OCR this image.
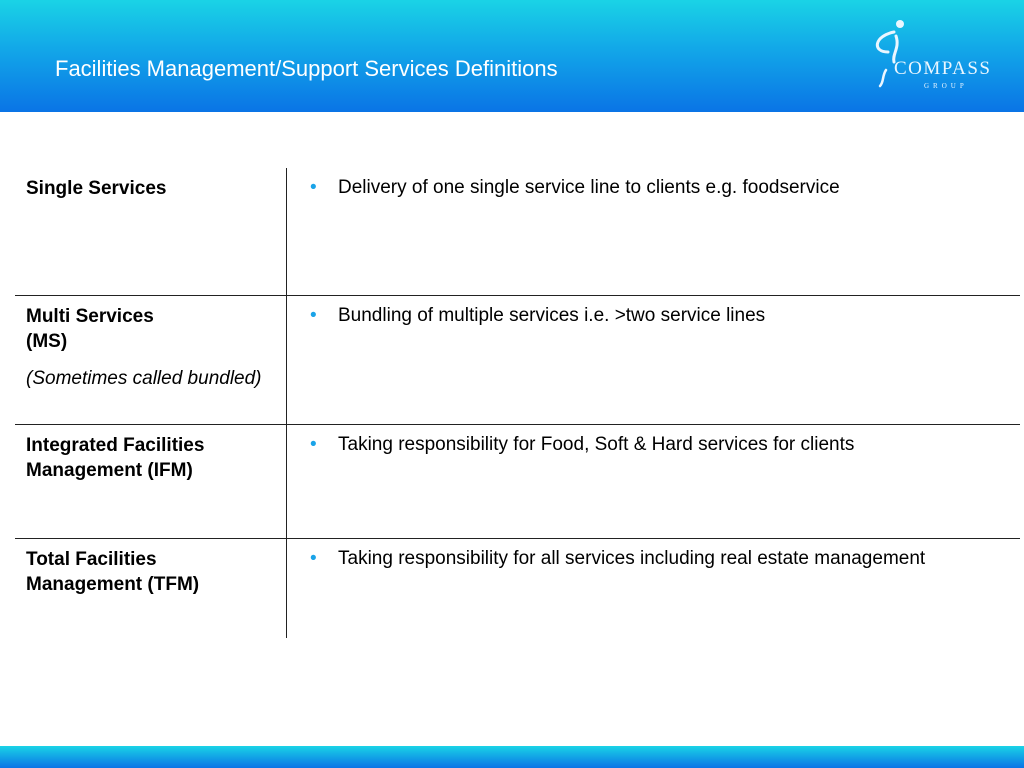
Facilities Management/Support Services Definitions	COMPASS
GROUP
Single Services	• Delivery of one single service line to clients e.g. foodservice
Multi Services
(MS)
(Sometimes called bundled)
• Bundling of multiple services i.e. >two service lines
Integrated Facilities
Management (IFM)
• Taking responsibility for Food, Soft & Hard services for clients
Total Facilities
Management (TFM)
• Taking responsibility for all services including real estate management
